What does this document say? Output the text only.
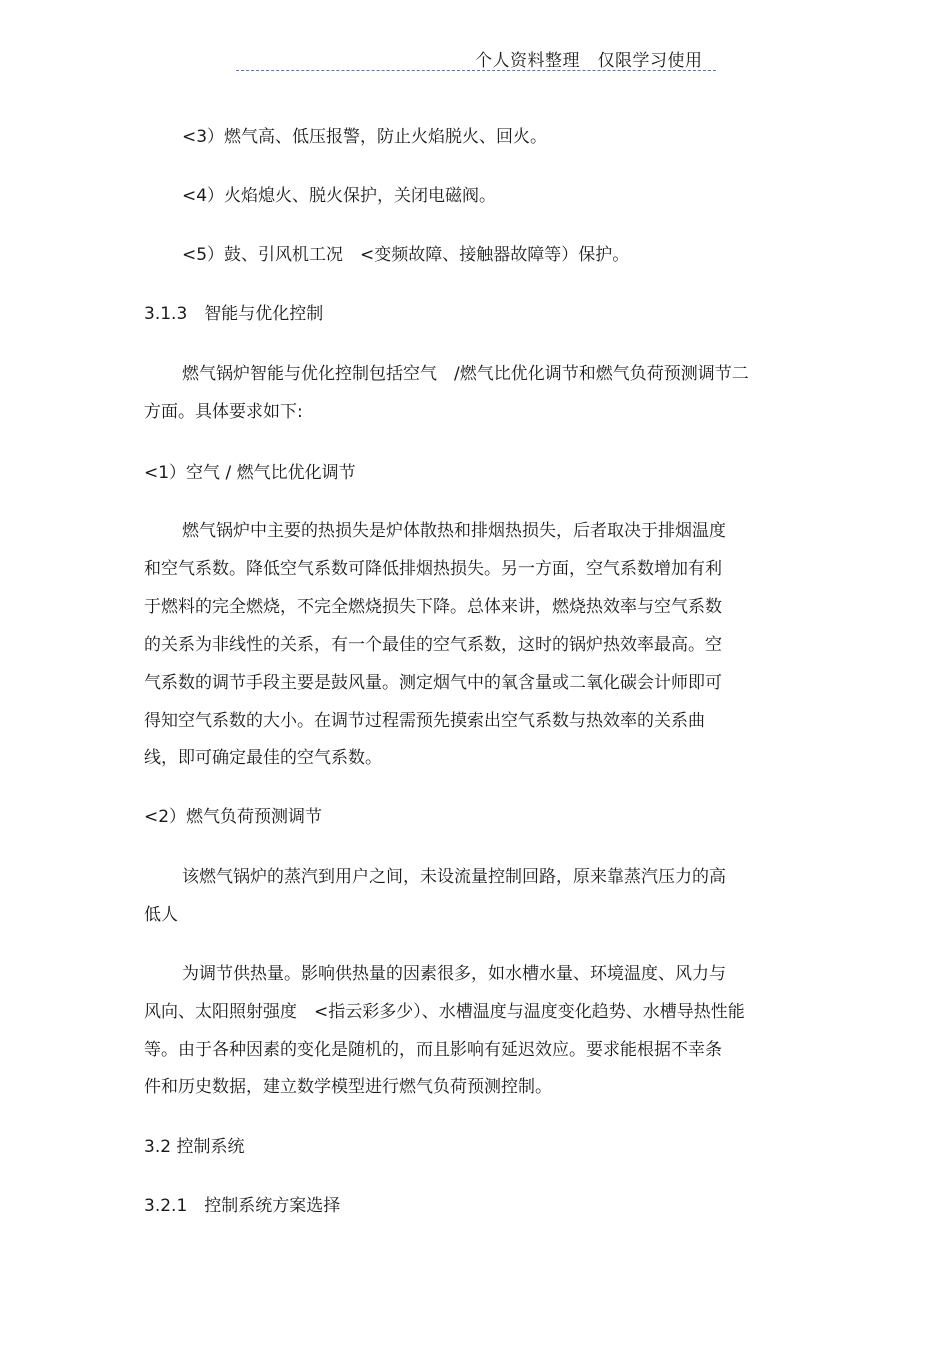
个人资料整理　仅限学习使用
<3）燃气高、低压报警，防止火焰脱火、回火。
<4）火焰熄火、脱火保护，关闭电磁阀。
<5）鼓、引风机工况　<变频故障、接触器故障等）保护。
3.1.3　智能与优化控制
燃气锅炉智能与优化控制包括空气　/燃气比优化调节和燃气负荷预测调节二
方面。具体要求如下:
<1）空气 / 燃气比优化调节
燃气锅炉中主要的热损失是炉体散热和排烟热损失，后者取决于排烟温度
和空气系数。降低空气系数可降低排烟热损失。另一方面，空气系数增加有利
于燃料的完全燃烧，不完全燃烧损失下降。总体来讲，燃烧热效率与空气系数
的关系为非线性的关系，有一个最佳的空气系数，这时的锅炉热效率最高。空
气系数的调节手段主要是鼓风量。测定烟气中的氧含量或二氧化碳会计师即可
得知空气系数的大小。在调节过程需预先摸索出空气系数与热效率的关系曲
线，即可确定最佳的空气系数。
<2）燃气负荷预测调节
该燃气锅炉的蒸汽到用户之间，未设流量控制回路，原来靠蒸汽压力的高
低人
为调节供热量。影响供热量的因素很多，如水槽水量、环境温度、风力与
风向、太阳照射强度　<指云彩多少）、水槽温度与温度变化趋势、水槽导热性能
等。由于各种因素的变化是随机的，而且影响有延迟效应。要求能根据不幸条
件和历史数据，建立数学模型进行燃气负荷预测控制。
3.2 控制系统
3.2.1　控制系统方案选择
